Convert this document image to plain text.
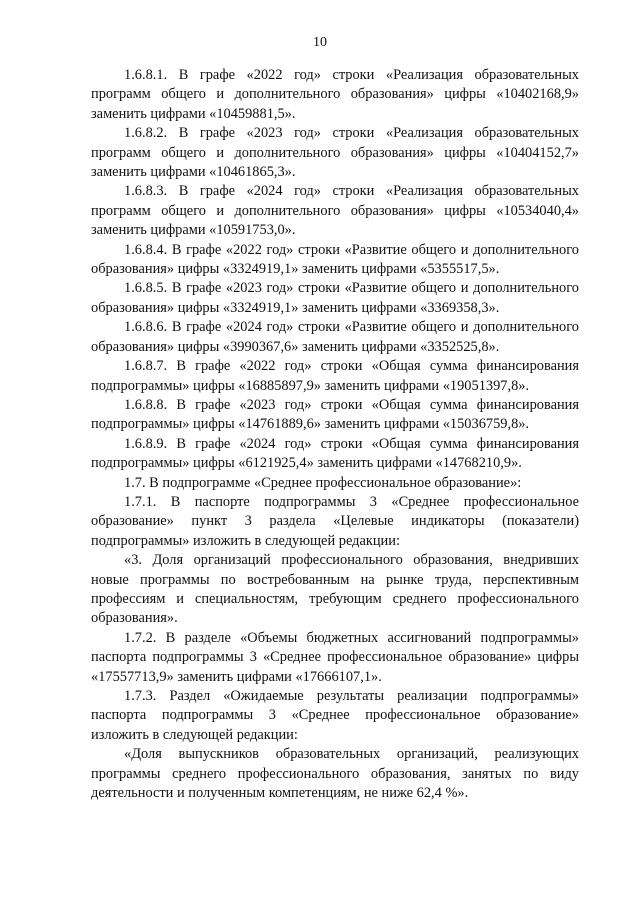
10

1.6.8.1. В графе «2022 год» строки «Реализация образовательных программ общего и дополнительного образования» цифры «10402168,9» заменить цифрами «10459881,5».

1.6.8.2. В графе «2023 год» строки «Реализация образовательных программ общего и дополнительного образования» цифры «10404152,7» заменить цифрами «10461865,3».

1.6.8.3. В графе «2024 год» строки «Реализация образовательных программ общего и дополнительного образования» цифры «10534040,4» заменить цифрами «10591753,0».

1.6.8.4. В графе «2022 год» строки «Развитие общего и дополнительного образования» цифры «3324919,1» заменить цифрами «5355517,5».

1.6.8.5. В графе «2023 год» строки «Развитие общего и дополнительного образования» цифры «3324919,1» заменить цифрами «3369358,3».

1.6.8.6. В графе «2024 год» строки «Развитие общего и дополнительного образования» цифры «3990367,6» заменить цифрами «3352525,8».

1.6.8.7. В графе «2022 год» строки «Общая сумма финансирования подпрограммы» цифры «16885897,9» заменить цифрами «19051397,8».

1.6.8.8. В графе «2023 год» строки «Общая сумма финансирования подпрограммы» цифры «14761889,6» заменить цифрами «15036759,8».

1.6.8.9. В графе «2024 год» строки «Общая сумма финансирования подпрограммы» цифры «6121925,4» заменить цифрами «14768210,9».

1.7. В подпрограмме «Среднее профессиональное образование»:

1.7.1. В паспорте подпрограммы 3 «Среднее профессиональное образование» пункт 3 раздела «Целевые индикаторы (показатели) подпрограммы» изложить в следующей редакции:

«3. Доля организаций профессионального образования, внедривших новые программы по востребованным на рынке труда, перспективным профессиям и специальностям, требующим среднего профессионального образования».

1.7.2. В разделе «Объемы бюджетных ассигнований подпрограммы» паспорта подпрограммы 3 «Среднее профессиональное образование» цифры «17557713,9» заменить цифрами «17666107,1».

1.7.3. Раздел «Ожидаемые результаты реализации подпрограммы» паспорта подпрограммы 3 «Среднее профессиональное образование» изложить в следующей редакции:

«Доля выпускников образовательных организаций, реализующих программы среднего профессионального образования, занятых по виду деятельности и полученным компетенциям, не ниже 62,4 %».
